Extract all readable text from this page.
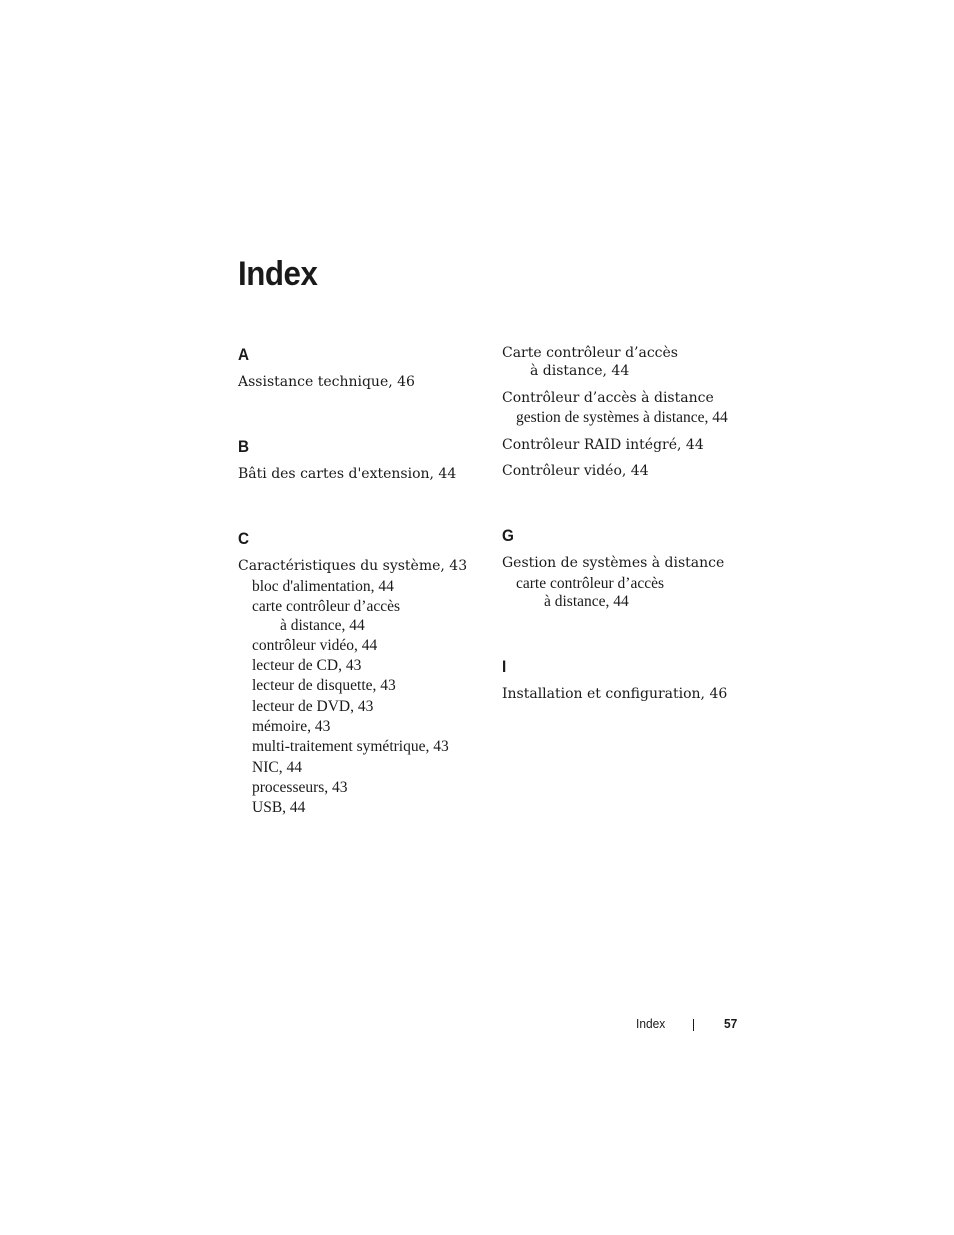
Index
A
Assistance technique, 46
B
Bâti des cartes d'extension, 44
C
Caractéristiques du système, 43
bloc d'alimentation, 44
carte contrôleur d’accès
à distance, 44
contrôleur vidéo, 44
lecteur de CD, 43
lecteur de disquette, 43
lecteur de DVD, 43
mémoire, 43
multi-traitement symétrique, 43
NIC, 44
processeurs, 43
USB, 44
Carte contrôleur d’accès
à distance, 44
Contrôleur d’accès à distance
gestion de systèmes à distance, 44
Contrôleur RAID intégré, 44
Contrôleur vidéo, 44
G
Gestion de systèmes à distance
carte contrôleur d’accès
à distance, 44
I
Installation et configuration, 46
Index	57
